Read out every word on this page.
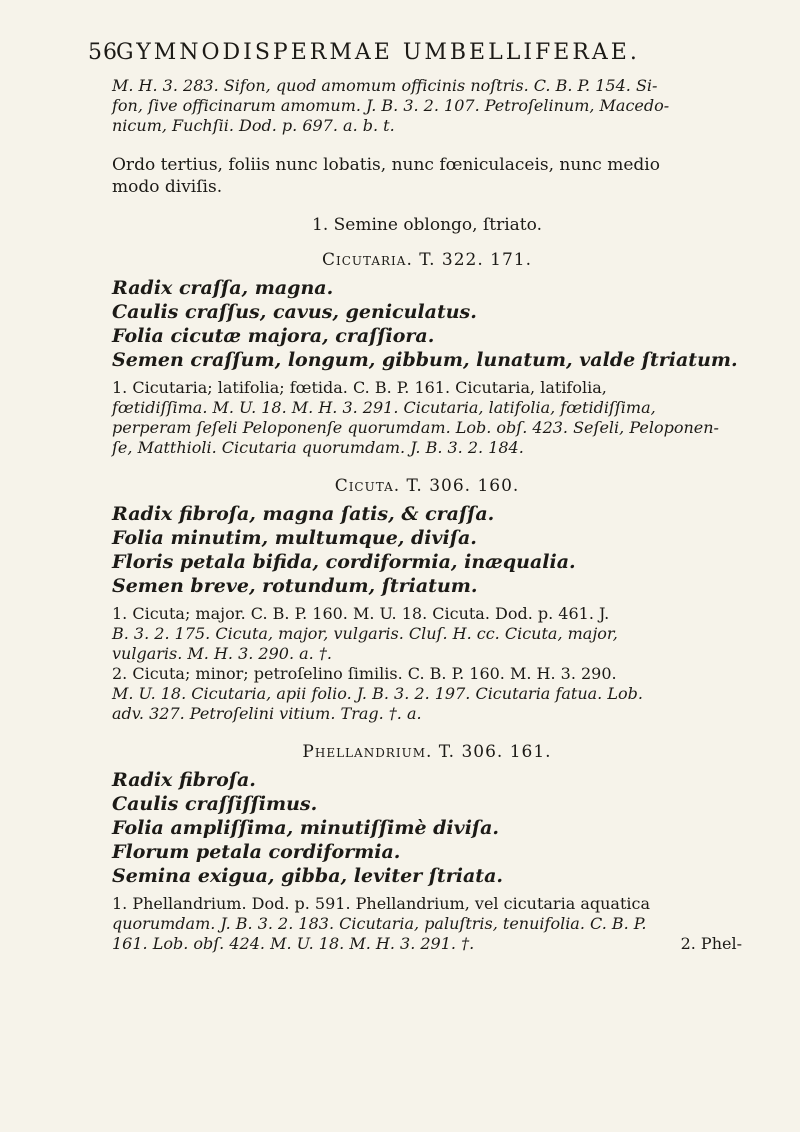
56
GYMNODISPERMAE UMBELLIFERAE.

M. H. 3. 283. Sifon, quod amomum officinis noſtris. C. B. P. 154. Si-

fon, ſive officinarum amomum. J. B. 3. 2. 107. Petroſelinum, Macedo-

nicum, Fuchſii. Dod. p. 697. a. b. t.

Ordo tertius, foliis nunc lobatis, nunc fœniculaceis, nunc medio

modo diviſis.

1. Semine oblongo, ſtriato.

Cicutaria. T. 322. 171.

Radix craſſa, magna.

Caulis craſſus, cavus, geniculatus.

Folia cicutæ majora, craſſiora.

Semen craſſum, longum, gibbum, lunatum, valde ſtriatum.

1. Cicutaria; latifolia; fœtida. C. B. P. 161. Cicutaria, latifolia,

fœtidiſſima. M. U. 18. M. H. 3. 291. Cicutaria, latifolia, fœtidiſſima,

perperam ſeſeli Peloponenſe quorumdam. Lob. obſ. 423. Seſeli, Peloponen-

ſe, Matthioli. Cicutaria quorumdam. J. B. 3. 2. 184.

Cicuta. T. 306. 160.

Radix fibroſa, magna ſatis, & craſſa.

Folia minutim, multumque, diviſa.

Floris petala bifida, cordiformia, inæqualia.

Semen breve, rotundum, ſtriatum.

1. Cicuta; major. C. B. P. 160. M. U. 18. Cicuta. Dod. p. 461. J.

B. 3. 2. 175. Cicuta, major, vulgaris. Cluſ. H. cc. Cicuta, major,

vulgaris. M. H. 3. 290. a. †.

2. Cicuta; minor; petroſelino ſimilis. C. B. P. 160. M. H. 3. 290.

M. U. 18. Cicutaria, apii folio. J. B. 3. 2. 197. Cicutaria fatua. Lob.

adv. 327. Petroſelini vitium. Trag. †. a.

Phellandrium. T. 306. 161.

Radix fibroſa.

Caulis craſſiſſimus.

Folia ampliſſima, minutiſſimè diviſa.

Florum petala cordiformia.

Semina exigua, gibba, leviter ſtriata.

1. Phellandrium. Dod. p. 591. Phellandrium, vel cicutaria aquatica

quorumdam. J. B. 3. 2. 183. Cicutaria, paluſtris, tenuifolia. C. B. P.

161. Lob. obſ. 424. M. U. 18. M. H. 3. 291. †.	2. Phel-
